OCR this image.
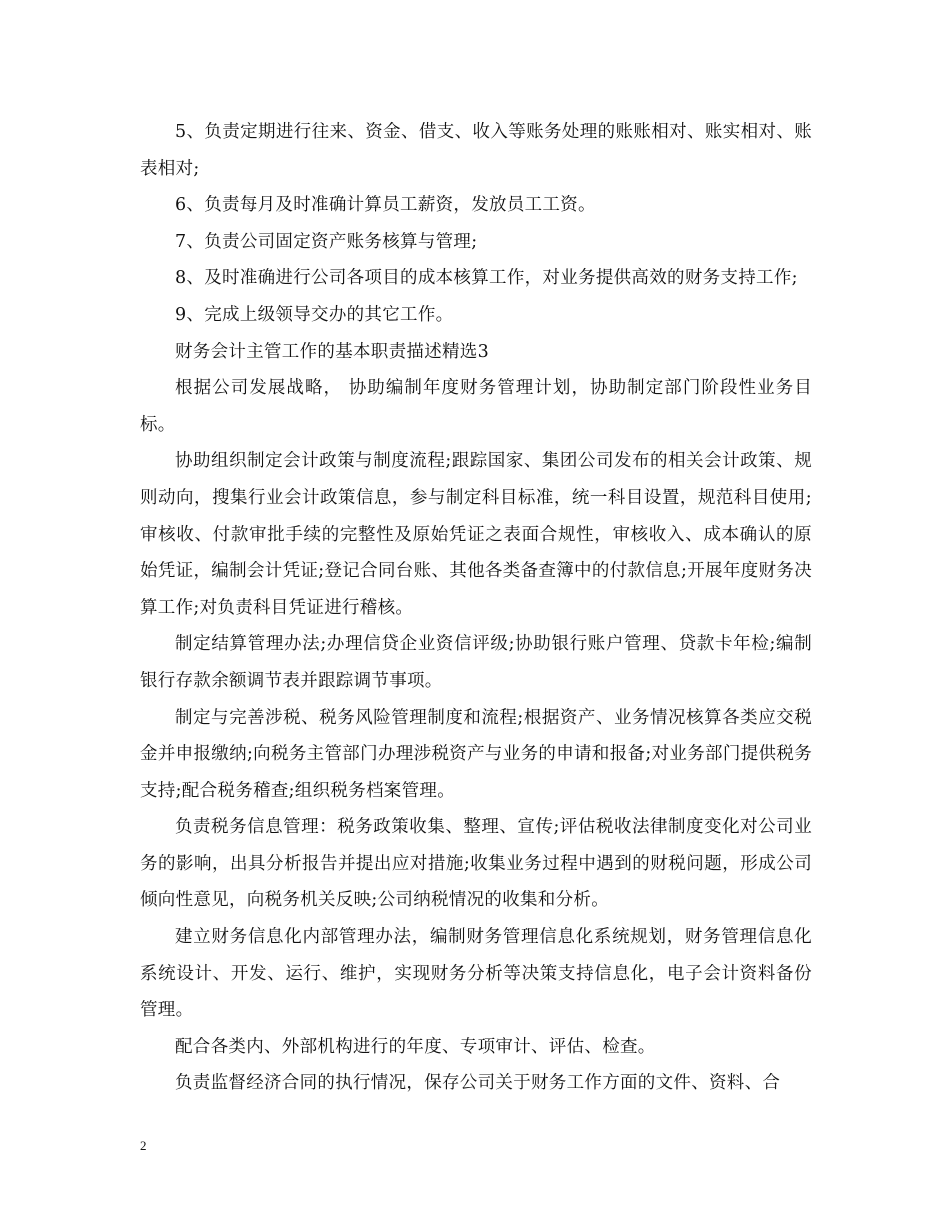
5、负责定期进行往来、资金、借支、收入等账务处理的账账相对、账实相对、账表相对;

6、负责每月及时准确计算员工薪资，发放员工工资。

7、负责公司固定资产账务核算与管理;

8、及时准确进行公司各项目的成本核算工作，对业务提供高效的财务支持工作;

9、完成上级领导交办的其它工作。

财务会计主管工作的基本职责描述精选3

根据公司发展战略， 协助编制年度财务管理计划，协助制定部门阶段性业务目标。

协助组织制定会计政策与制度流程;跟踪国家、集团公司发布的相关会计政策、规则动向，搜集行业会计政策信息，参与制定科目标准，统一科目设置，规范科目使用;审核收、付款审批手续的完整性及原始凭证之表面合规性，审核收入、成本确认的原始凭证，编制会计凭证;登记合同台账、其他各类备查簿中的付款信息;开展年度财务决算工作;对负责科目凭证进行稽核。

制定结算管理办法;办理信贷企业资信评级;协助银行账户管理、贷款卡年检;编制银行存款余额调节表并跟踪调节事项。

制定与完善涉税、税务风险管理制度和流程;根据资产、业务情况核算各类应交税金并申报缴纳;向税务主管部门办理涉税资产与业务的申请和报备;对业务部门提供税务支持;配合税务稽查;组织税务档案管理。

负责税务信息管理：税务政策收集、整理、宣传;评估税收法律制度变化对公司业务的影响，出具分析报告并提出应对措施;收集业务过程中遇到的财税问题，形成公司倾向性意见，向税务机关反映;公司纳税情况的收集和分析。

建立财务信息化内部管理办法，编制财务管理信息化系统规划，财务管理信息化系统设计、开发、运行、维护，实现财务分析等决策支持信息化，电子会计资料备份管理。

配合各类内、外部机构进行的年度、专项审计、评估、检查。

负责监督经济合同的执行情况，保存公司关于财务工作方面的文件、资料、合

2
